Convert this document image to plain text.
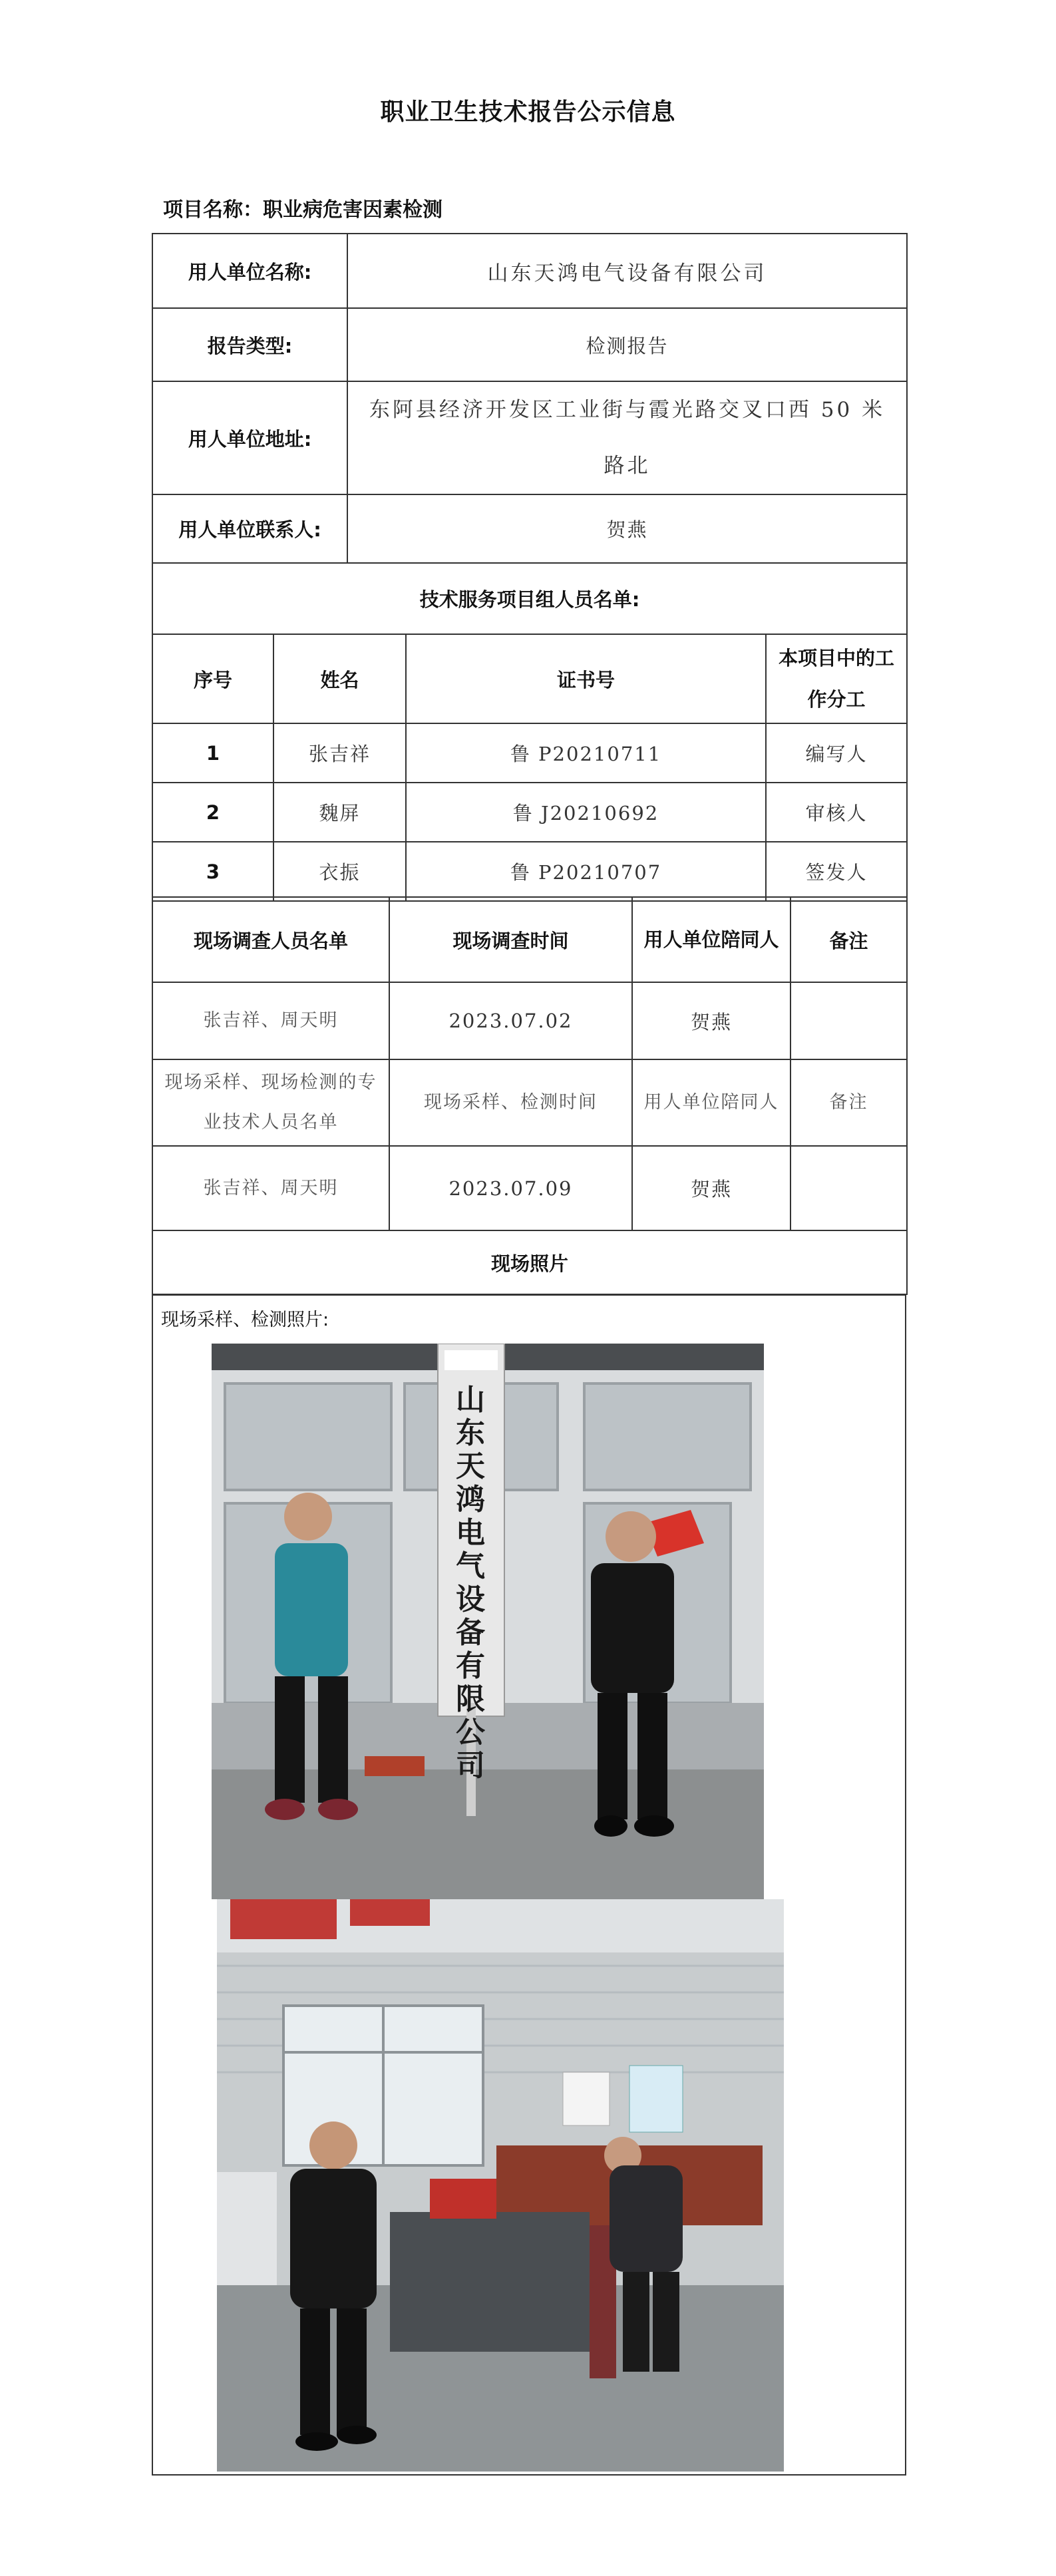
职业卫生技术报告公示信息
项目名称：职业病危害因素检测
用人单位名称:	山东天鸿电气设备有限公司
报告类型:	检测报告
用人单位地址:	东阿县经济开发区工业街与霞光路交叉口西 50 米路北
用人单位联系人:	贺燕
技术服务项目组人员名单:	
序号	姓名	证书号	本项目中的工作分工
1	张吉祥	鲁 P20210711	编写人
2	魏屏	鲁 J20210692	审核人
3	衣振	鲁 P20210707	签发人
现场调查人员名单	现场调查时间	用人单位陪同人	备注
张吉祥、周天明	2023.07.02	贺燕	
现场采样、现场检测的专业技术人员名单	现场采样、检测时间	用人单位陪同人	备注
张吉祥、周天明	2023.07.09	贺燕	
现场照片			
现场采样、检测照片:
山东天鸿电气设备有限公司
